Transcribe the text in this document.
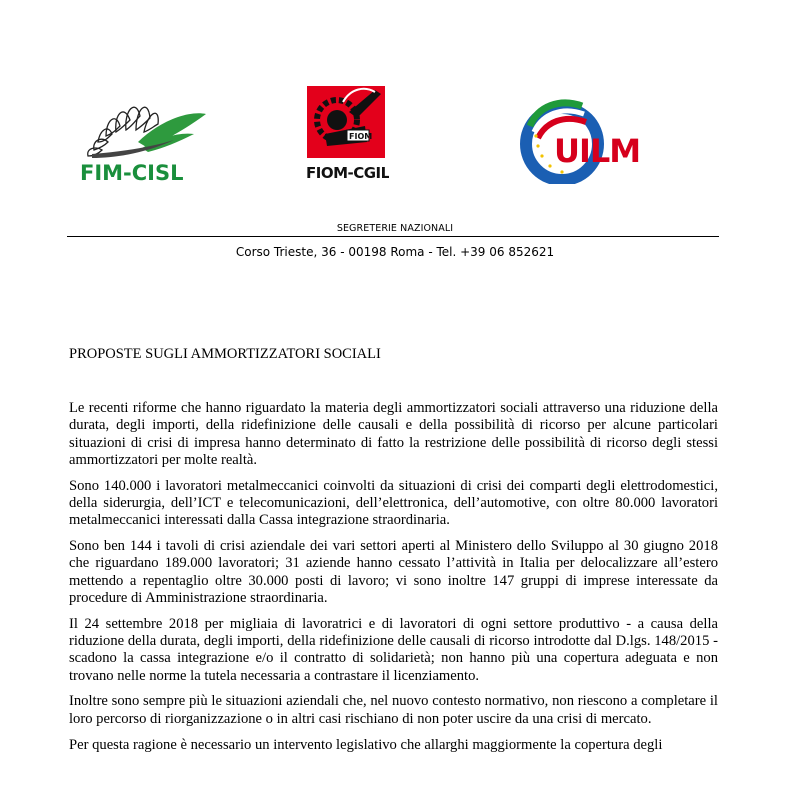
FIM-CISL
FIOM
FIOM-CGIL
UILM
SEGRETERIE NAZIONALI
Corso Trieste, 36 - 00198 Roma - Tel. +39 06 852621
PROPOSTE SUGLI AMMORTIZZATORI SOCIALI

Le recenti riforme che hanno riguardato la materia degli ammortizzatori sociali attraverso una riduzione della durata, degli importi, della ridefinizione delle causali e della possibilità di ricorso per alcune particolari situazioni di crisi di impresa hanno determinato di fatto la restrizione delle possibilità di ricorso degli stessi ammortizzatori per molte realtà.

Sono 140.000 i lavoratori metalmeccanici coinvolti da situazioni di crisi dei comparti degli elettrodomestici, della siderurgia, dell’ICT e telecomunicazioni, dell’elettronica, dell’automotive, con oltre 80.000 lavoratori metalmeccanici interessati dalla Cassa integrazione straordinaria.

Sono ben 144 i tavoli di crisi aziendale dei vari settori aperti al Ministero dello Sviluppo al 30 giugno 2018 che riguardano 189.000 lavoratori; 31 aziende hanno cessato l’attività in Italia per delocalizzare all’estero mettendo a repentaglio oltre 30.000 posti di lavoro; vi sono inoltre 147 gruppi di imprese interessate da procedure di Amministrazione straordinaria.

Il 24 settembre 2018 per migliaia di lavoratrici e di lavoratori di ogni settore produttivo - a causa della riduzione della durata, degli importi, della ridefinizione delle causali di ricorso introdotte dal D.lgs. 148/2015 - scadono la cassa integrazione e/o il contratto di solidarietà; non hanno più una copertura adeguata e non trovano nelle norme la tutela necessaria a contrastare il licenziamento.

Inoltre sono sempre più le situazioni aziendali che, nel nuovo contesto normativo, non riescono a completare il loro percorso di riorganizzazione o in altri casi rischiano di non poter uscire da una crisi di mercato.

Per questa ragione è necessario un intervento legislativo che allarghi maggiormente la copertura degli
